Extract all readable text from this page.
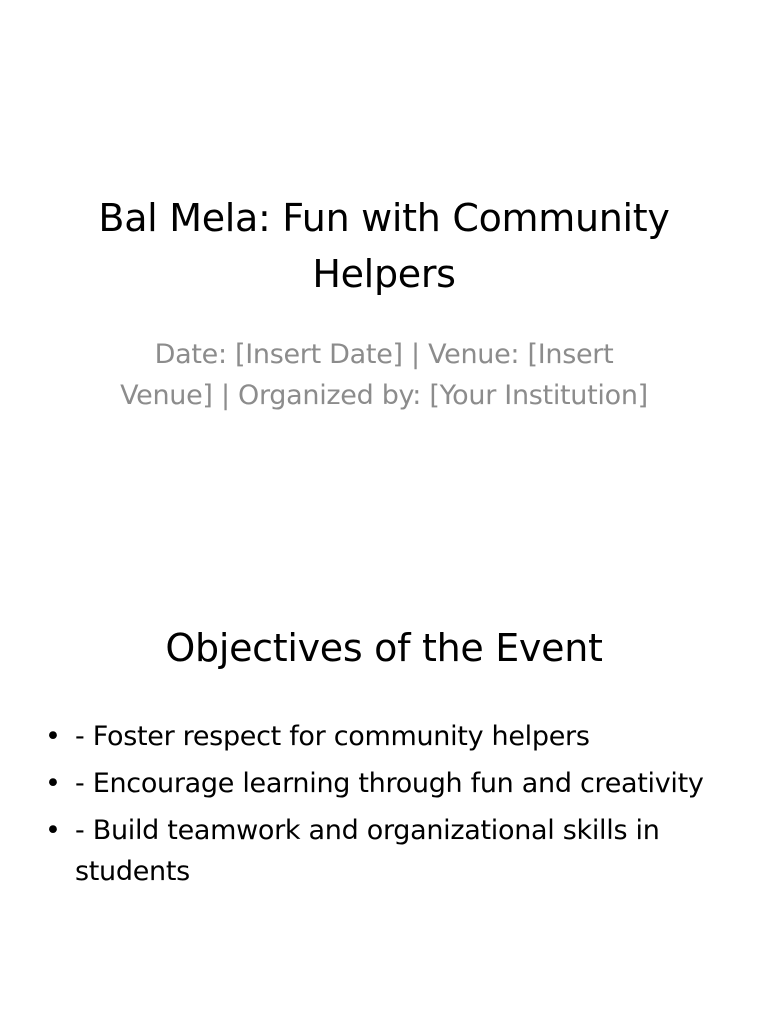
Bal Mela: Fun with Community Helpers

Date: [Insert Date] | Venue: [Insert Venue] | Organized by: [Your Institution]

Objectives of the Event
• - Foster respect for community helpers
• - Encourage learning through fun and creativity
• - Build teamwork and organizational skills in students
